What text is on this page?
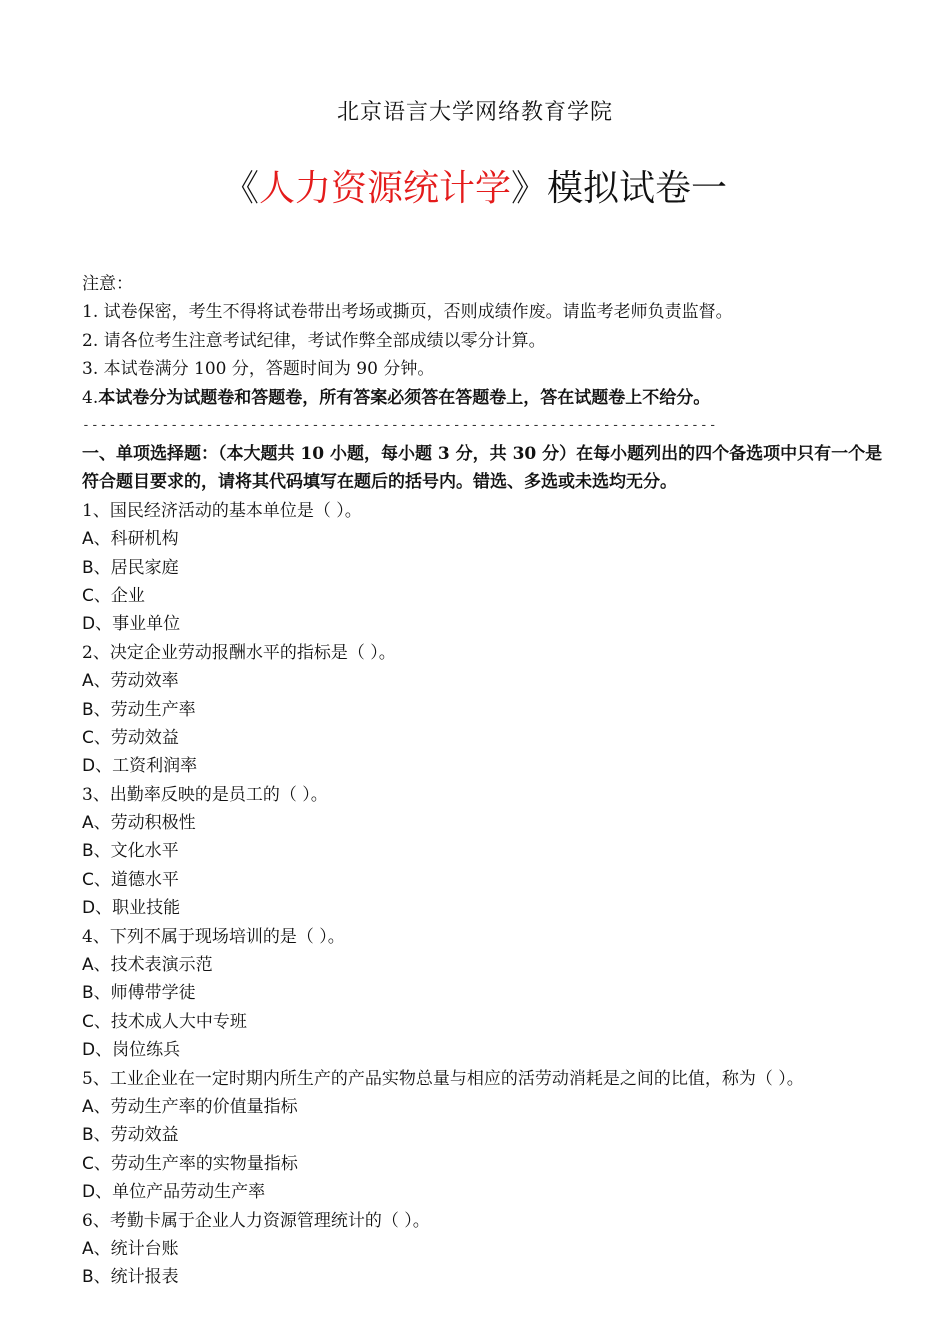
北京语言大学网络教育学院
《人力资源统计学》模拟试卷一
注意：
1. 试卷保密，考生不得将试卷带出考场或撕页，否则成绩作废。请监考老师负责监督。
2. 请各位考生注意考试纪律，考试作弊全部成绩以零分计算。
3. 本试卷满分 100 分，答题时间为 90 分钟。
4.本试卷分为试题卷和答题卷，所有答案必须答在答题卷上，答在试题卷上不给分。
------------------------------------------------------------------------
一、单项选择题：（本大题共 10 小题，每小题 3 分，共 30 分）在每小题列出的四个备选项中只有一个是符合题目要求的，请将其代码填写在题后的括号内。错选、多选或未选均无分。
1、国民经济活动的基本单位是（ ）。
A、科研机构
B、居民家庭
C、企业
D、事业单位
2、决定企业劳动报酬水平的指标是（ ）。
A、劳动效率
B、劳动生产率
C、劳动效益
D、工资利润率
3、出勤率反映的是员工的（ ）。
A、劳动积极性
B、文化水平
C、道德水平
D、职业技能
4、下列不属于现场培训的是（ ）。
A、技术表演示范
B、师傅带学徒
C、技术成人大中专班
D、岗位练兵
5、工业企业在一定时期内所生产的产品实物总量与相应的活劳动消耗是之间的比值，称为（ ）。
A、劳动生产率的价值量指标
B、劳动效益
C、劳动生产率的实物量指标
D、单位产品劳动生产率
6、考勤卡属于企业人力资源管理统计的（ ）。
A、统计台账
B、统计报表
